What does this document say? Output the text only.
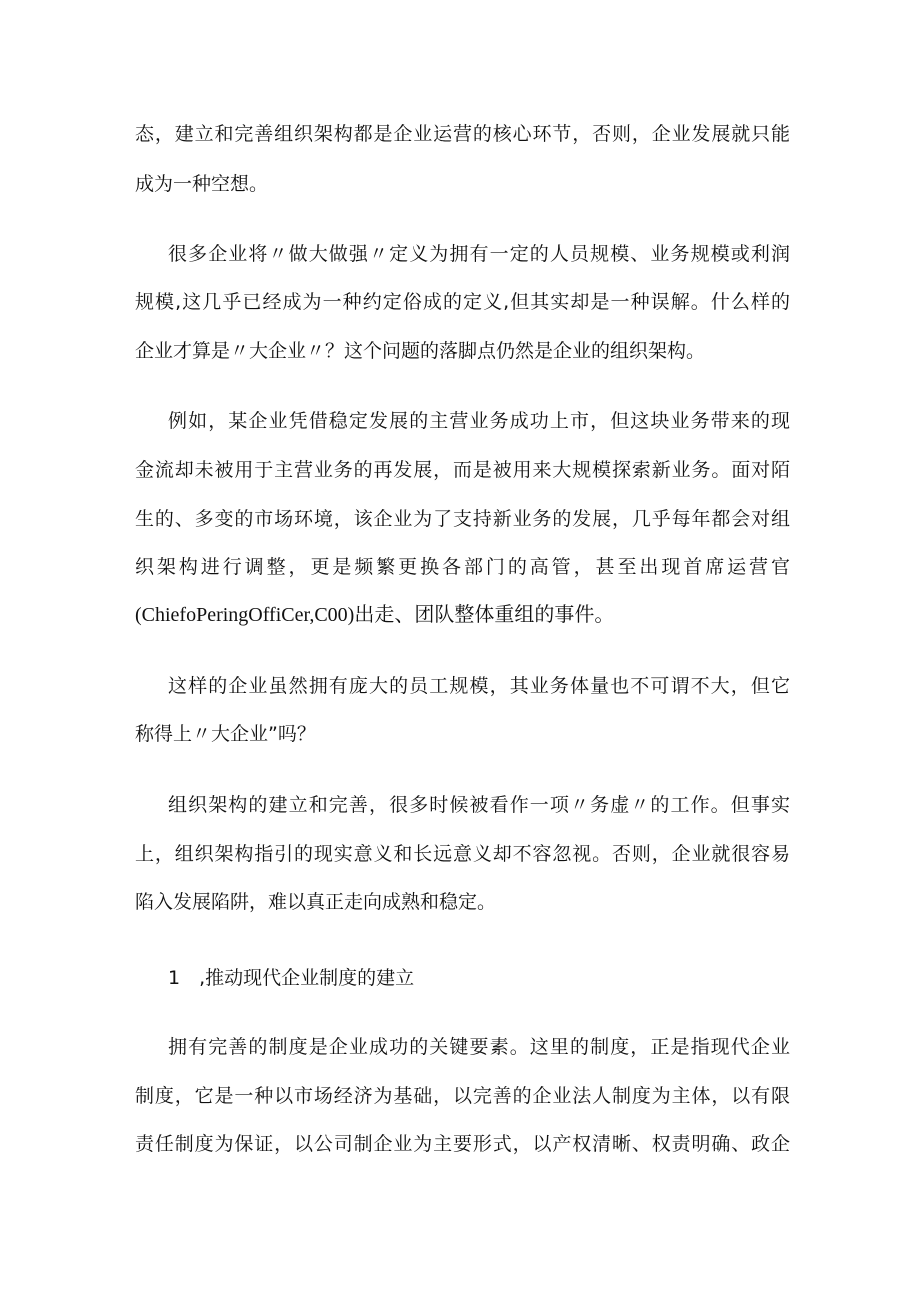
态，建立和完善组织架构都是企业运营的核心环节，否则，企业发展就只能
成为一种空想。
很多企业将〃做大做强〃定义为拥有一定的人员规模、业务规模或利润
规模,这几乎已经成为一种约定俗成的定义,但其实却是一种误解。什么样的
企业才算是〃大企业〃？这个问题的落脚点仍然是企业的组织架构。
例如，某企业凭借稳定发展的主营业务成功上市，但这块业务带来的现
金流却未被用于主营业务的再发展，而是被用来大规模探索新业务。面对陌
生的、多变的市场环境，该企业为了支持新业务的发展，几乎每年都会对组
织架构进行调整，更是频繁更换各部门的高管，甚至出现首席运营官
(ChiefoPeringOffiCer,C00)出走、团队整体重组的事件。
这样的企业虽然拥有庞大的员工规模，其业务体量也不可谓不大，但它
称得上〃大企业”吗？
组织架构的建立和完善，很多时候被看作一项〃务虚〃的工作。但事实
上，组织架构指引的现实意义和长远意义却不容忽视。否则，企业就很容易
陷入发展陷阱，难以真正走向成熟和稳定。
1　,推动现代企业制度的建立
拥有完善的制度是企业成功的关键要素。这里的制度，正是指现代企业
制度，它是一种以市场经济为基础，以完善的企业法人制度为主体，以有限
责任制度为保证，以公司制企业为主要形式，以产权清晰、权责明确、政企
